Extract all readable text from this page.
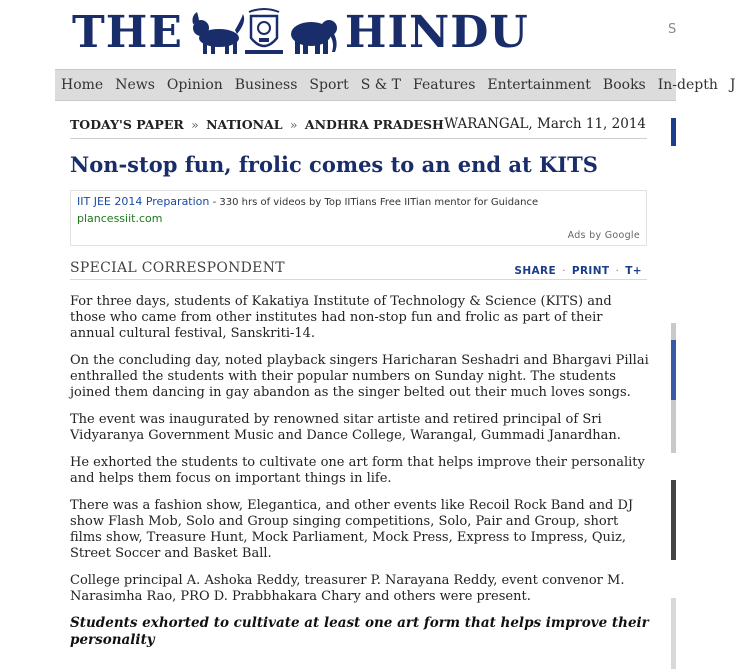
THE	HINDU	S
Home News Opinion Business Sport S & T Features Entertainment Books In-depth J
TODAY'S PAPER » NATIONAL » ANDHRA PRADESH WARANGAL, March 11, 2014
Non-stop fun, frolic comes to an end at KITS
IIT JEE 2014 Preparation - 330 hrs of videos by Top IITians Free IITian mentor for Guidance
plancessiit.com
Ads by Google
SPECIAL CORRESPONDENT	SHARE · PRINT · T+

For three days, students of Kakatiya Institute of Technology & Science (KITS) and those who came from other institutes had non-stop fun and frolic as part of their annual cultural festival, Sanskriti-14.

On the concluding day, noted playback singers Haricharan Seshadri and Bhargavi Pillai enthralled the students with their popular numbers on Sunday night. The students joined them dancing in gay abandon as the singer belted out their much loves songs.

The event was inaugurated by renowned sitar artiste and retired principal of Sri Vidyaranya Government Music and Dance College, Warangal, Gummadi Janardhan.

He exhorted the students to cultivate one art form that helps improve their personality and helps them focus on important things in life.

There was a fashion show, Elegantica, and other events like Recoil Rock Band and DJ show Flash Mob, Solo and Group singing competitions, Solo, Pair and Group, short films show, Treasure Hunt, Mock Parliament, Mock Press, Express to Impress, Quiz, Street Soccer and Basket Ball.

College principal A. Ashoka Reddy, treasurer P. Narayana Reddy, event convenor M. Narasimha Rao, PRO D. Prabbhakara Chary and others were present.

Students exhorted to cultivate at least one art form that helps improve their personality
